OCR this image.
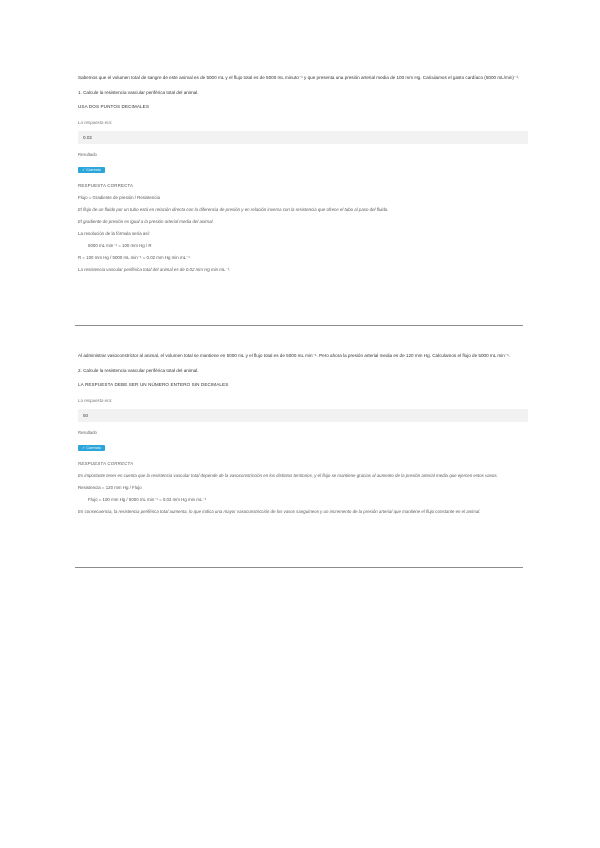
Sabemos que el volumen total de sangre de este animal es de 5000 mL y el flujo total es de 5000 mL minuto⁻¹ y que presenta una presión arterial media de 100 mm Hg. Calculamos el gasto cardíaco (5000 mL/min)⁻¹.

1. Calcule la resistencia vascular periférica total del animal.

USA DOS PUNTOS DECIMALES

La respuesta era:

0.02

Resultado

✓ Correcto

RESPUESTA CORRECTA

Flujo = Gradiente de presión / Resistencia

El flujo de un fluido por un tubo está en relación directa con la diferencia de presión y en relación inversa con la resistencia que ofrece el tubo al paso del fluido.

El gradiente de presión es igual a la presión arterial media del animal.

La resolución de la fórmula sería así:

5000 mL min⁻¹ = 100 mm Hg / R

R = 100 mm Hg / 5000 mL min⁻¹ = 0.02 mm Hg min mL⁻¹

La resistencia vascular periférica total del animal es de 0.02 mm Hg min mL⁻¹.

Al administrar vasoconstrictor al animal, el volumen total se mantiene en 5000 mL y el flujo total es de 5000 mL min⁻¹. Pero ahora la presión arterial media es de 120 mm Hg. Calculamos el flujo de 5000 mL min⁻¹.

2. Calcule la resistencia vascular periférica total del animal.

LA RESPUESTA DEBE SER UN NÚMERO ENTERO SIN DECIMALES

La respuesta era:

50

Resultado

✓ Correcto

RESPUESTA CORRECTA

Es importante tener en cuenta que la resistencia vascular total depende de la vasoconstricción en los distintos territorios, y el flujo se mantiene gracias al aumento de la presión arterial media que ejercen estos vasos.

Resistencia = 120 mm Hg / Flujo

Flujo = 100 mm Hg / 5000 mL min⁻¹ = 0.02 mm Hg min mL⁻¹

En consecuencia, la resistencia periférica total aumenta, lo que indica una mayor vasoconstricción de los vasos sanguíneos y un incremento de la presión arterial que mantiene el flujo constante en el animal.
